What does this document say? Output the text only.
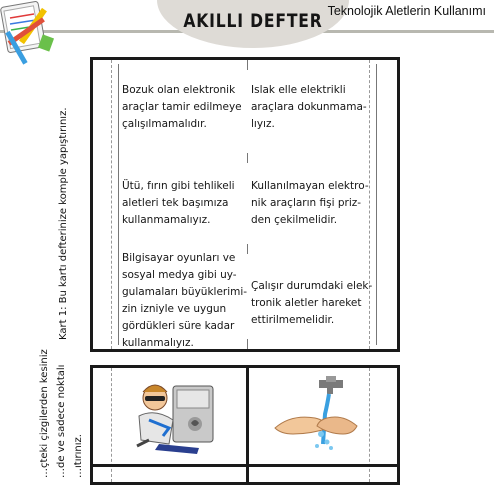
AKILLI DEFTER Teknolojik Aletlerin Kullanımı
Kart 1: Bu kartı defterinize komple yapıştırınız.
…çteki çizgilerden kesiniz …de ve sadece noktalı …ıtırınız.
Bozuk olan elektronik
araçlar tamir edilmeye
çalışılmamalıdır.
Islak elle elektrikli
araçlara dokunmama-
lıyız.
Ütü, fırın gibi tehlikeli
aletleri tek başımıza
kullanmamalıyız.
Kullanılmayan elektro-
nik araçların fişi priz-
den çekilmelidir.
Bilgisayar oyunları ve
sosyal medya gibi uy-
gulamaları büyüklerimi-
zin izniyle ve uygun
gördükleri süre kadar
kullanmalıyız.
Çalışır durumdaki elek-
tronik aletler hareket
ettirilmemelidir.
